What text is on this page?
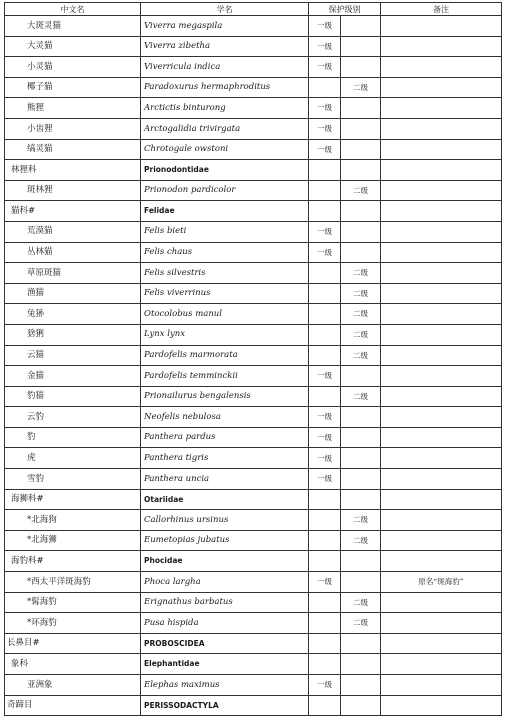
中文名	学名	保护级别		备注
大斑灵猫	Viverra megaspila	一级		
大灵猫	Viverra zibetha	一级		
小灵猫	Viverricula indica	一级		
椰子猫	Paradoxurus hermaphroditus		二级	
熊狸	Arctictis binturong	一级		
小齿狸	Arctogalidia trivirgata	一级		
缟灵猫	Chrotogale owstoni	一级		
林狸科	Prionodontidae			
斑林狸	Prionodon pardicolor		二级	
猫科#	Felidae			
荒漠猫	Felis bieti	一级		
丛林猫	Felis chaus	一级		
草原斑猫	Felis silvestris		二级	
渔猫	Felis viverrinus		二级	
兔狲	Otocolobus manul		二级	
猞猁	Lynx lynx		二级	
云猫	Pardofelis marmorata		二级	
金猫	Pardofelis temminckii	一级		
豹猫	Prionailurus bengalensis		二级	
云豹	Neofelis nebulosa	一级		
豹	Panthera pardus	一级		
虎	Panthera tigris	一级		
雪豹	Panthera uncia	一级		
海狮科#	Otariidae			
*北海狗	Callorhinus ursinus		二级	
*北海狮	Eumetopias jubatus		二级	
海豹科#	Phocidae			
*西太平洋斑海豹	Phoca largha	一级		原名“斑海豹”
*髯海豹	Erignathus barbatus		二级	
*环海豹	Pusa hispida		二级	
长鼻目#	PROBOSCIDEA			
象科	Elephantidae			
亚洲象	Elephas maximus	一级		
奇蹄目	PERISSODACTYLA			
